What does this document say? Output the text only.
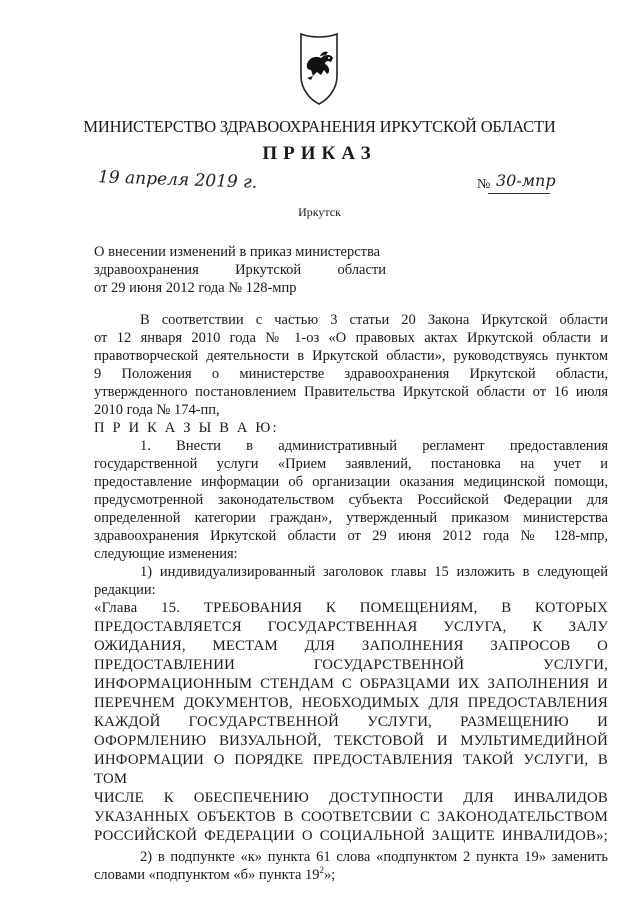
МИНИСТЕРСТВО ЗДРАВООХРАНЕНИЯ ИРКУТСКОЙ ОБЛАСТИ
ПРИКАЗ
19 апреля 2019 г.	№ 30-мпр
Иркутск
О внесении изменений в приказ министерства
здравоохранения Иркутской области
от 29 июня 2012 года № 128-мпр
В соответствии с частью 3 статьи 20 Закона Иркутской области
от 12 января 2010 года № 1-оз «О правовых актах Иркутской области и
правотворческой деятельности в Иркутской области», руководствуясь пунктом
9 Положения о министерстве здравоохранения Иркутской области,
утвержденного постановлением Правительства Иркутской области от 16 июля
2010 года № 174-пп,
П Р И К А З Ы В А Ю:
1. Внести в административный регламент предоставления
государственной услуги «Прием заявлений, постановка на учет и
предоставление информации об организации оказания медицинской помощи,
предусмотренной законодательством субъекта Российской Федерации для
определенной категории граждан», утвержденный приказом министерства
здравоохранения Иркутской области от 29 июня 2012 года № 128-мпр,
следующие изменения:
1) индивидуализированный заголовок главы 15 изложить в следующей
редакции:
«Глава 15. ТРЕБОВАНИЯ К ПОМЕЩЕНИЯМ, В КОТОРЫХ
ПРЕДОСТАВЛЯЕТСЯ ГОСУДАРСТВЕННАЯ УСЛУГА, К ЗАЛУ
ОЖИДАНИЯ, МЕСТАМ ДЛЯ ЗАПОЛНЕНИЯ ЗАПРОСОВ О
ПРЕДОСТАВЛЕНИИ ГОСУДАРСТВЕННОЙ УСЛУГИ,
ИНФОРМАЦИОННЫМ СТЕНДАМ С ОБРАЗЦАМИ ИХ ЗАПОЛНЕНИЯ И
ПЕРЕЧНЕМ ДОКУМЕНТОВ, НЕОБХОДИМЫХ ДЛЯ ПРЕДОСТАВЛЕНИЯ
КАЖДОЙ ГОСУДАРСТВЕННОЙ УСЛУГИ, РАЗМЕЩЕНИЮ И
ОФОРМЛЕНИЮ ВИЗУАЛЬНОЙ, ТЕКСТОВОЙ И МУЛЬТИМЕДИЙНОЙ
ИНФОРМАЦИИ О ПОРЯДКЕ ПРЕДОСТАВЛЕНИЯ ТАКОЙ УСЛУГИ, В ТОМ
ЧИСЛЕ К ОБЕСПЕЧЕНИЮ ДОСТУПНОСТИ ДЛЯ ИНВАЛИДОВ
УКАЗАННЫХ ОБЪЕКТОВ В СООТВЕТСВИИ С ЗАКОНОДАТЕЛЬСТВОМ
РОССИЙСКОЙ ФЕДЕРАЦИИ О СОЦИАЛЬНОЙ ЗАЩИТЕ ИНВАЛИДОВ»;
2) в подпункте «к» пункта 61 слова «подпунктом 2 пункта 19» заменить
словами «подпунктом «б» пункта $19^2$»;
